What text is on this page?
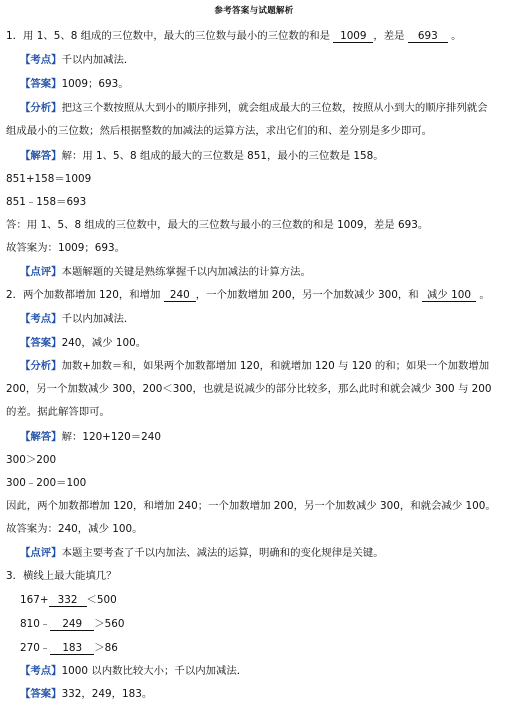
参考答案与试题解析
1．用 1、5、8 组成的三位数中，最大的三位数与最小的三位数的和是 1009 ，差是 693 。
【考点】千以内加减法．
【答案】1009；693。
【分析】把这三个数按照从大到小的顺序排列，就会组成最大的三位数，按照从小到大的顺序排列就会
组成最小的三位数；然后根据整数的加减法的运算方法，求出它们的和、差分别是多少即可。
【解答】解：用 1、5、8 组成的最大的三位数是 851，最小的三位数是 158。
851+158＝1009
851﹣158＝693
答：用 1、5、8 组成的三位数中，最大的三位数与最小的三位数的和是 1009，差是 693。
故答案为：1009；693。
【点评】本题解题的关键是熟练掌握千以内加减法的计算方法。
2．两个加数都增加 120，和增加 240 ，一个加数增加 200，另一个加数减少 300，和 减少 100 。
【考点】千以内加减法．
【答案】240，减少 100。
【分析】加数+加数＝和，如果两个加数都增加 120，和就增加 120 与 120 的和；如果一个加数增加
200，另一个加数减少 300，200＜300，也就是说减少的部分比较多，那么此时和就会减少 300 与 200
的差。据此解答即可。
【解答】解：120+120＝240
300＞200
300﹣200＝100
因此，两个加数都增加 120，和增加 240；一个加数增加 200，另一个加数减少 300，和就会减少 100。
故答案为：240，减少 100。
【点评】本题主要考查了千以内加法、减法的运算，明确和的变化规律是关键。
3．横线上最大能填几？
167+ 332 ＜500
810﹣ 249 ＞560
270﹣ 183 ＞86
【考点】1000 以内数比较大小；千以内加减法．
【答案】332，249，183。
